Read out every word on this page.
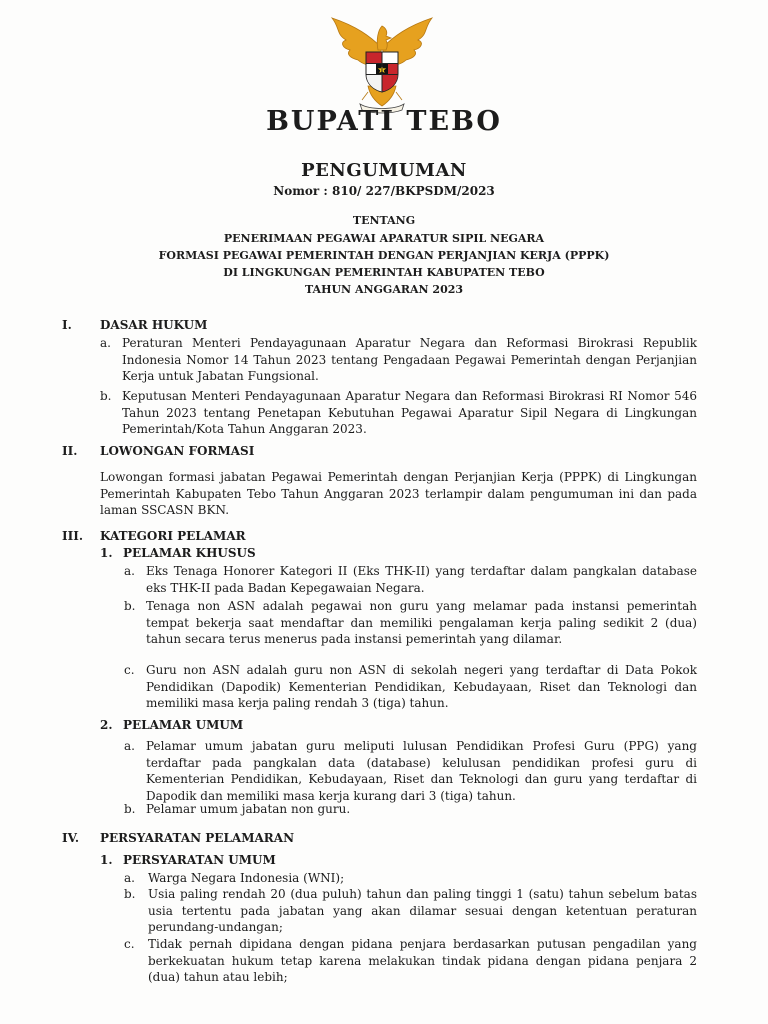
BUPATI TEBO
PENGUMUMAN
Nomor : 810/ 227/BKPSDM/2023
TENTANG
PENERIMAAN PEGAWAI APARATUR SIPIL NEGARA
FORMASI PEGAWAI PEMERINTAH DENGAN PERJANJIAN KERJA (PPPK)
DI LINGKUNGAN PEMERINTAH KABUPATEN TEBO
TAHUN ANGGARAN 2023
I. DASAR HUKUM
a. Peraturan Menteri Pendayagunaan Aparatur Negara dan Reformasi Birokrasi Republik Indonesia Nomor 14 Tahun 2023 tentang Pengadaan Pegawai Pemerintah dengan Perjanjian Kerja untuk Jabatan Fungsional.
b. Keputusan Menteri Pendayagunaan Aparatur Negara dan Reformasi Birokrasi RI Nomor 546 Tahun 2023 tentang Penetapan Kebutuhan Pegawai Aparatur Sipil Negara di Lingkungan Pemerintah/Kota Tahun Anggaran 2023.
II. LOWONGAN FORMASI
Lowongan formasi jabatan Pegawai Pemerintah dengan Perjanjian Kerja (PPPK) di Lingkungan Pemerintah Kabupaten Tebo Tahun Anggaran 2023 terlampir dalam pengumuman ini dan pada laman SSCASN BKN.
III. KATEGORI PELAMAR
1. PELAMAR KHUSUS
a. Eks Tenaga Honorer Kategori II (Eks THK-II) yang terdaftar dalam pangkalan database eks THK-II pada Badan Kepegawaian Negara.
b. Tenaga non ASN adalah pegawai non guru yang melamar pada instansi pemerintah tempat bekerja saat mendaftar dan memiliki pengalaman kerja paling sedikit 2 (dua) tahun secara terus menerus pada instansi pemerintah yang dilamar.
c. Guru non ASN adalah guru non ASN di sekolah negeri yang terdaftar di Data Pokok Pendidikan (Dapodik) Kementerian Pendidikan, Kebudayaan, Riset dan Teknologi dan memiliki masa kerja paling rendah 3 (tiga) tahun.
2. PELAMAR UMUM
a. Pelamar umum jabatan guru meliputi lulusan Pendidikan Profesi Guru (PPG) yang terdaftar pada pangkalan data (database) kelulusan pendidikan profesi guru di Kementerian Pendidikan, Kebudayaan, Riset dan Teknologi dan guru yang terdaftar di Dapodik dan memiliki masa kerja kurang dari 3 (tiga) tahun.
b. Pelamar umum jabatan non guru.
IV. PERSYARATAN PELAMARAN
1. PERSYARATAN UMUM
a. Warga Negara Indonesia (WNI);
b. Usia paling rendah 20 (dua puluh) tahun dan paling tinggi 1 (satu) tahun sebelum batas usia tertentu pada jabatan yang akan dilamar sesuai dengan ketentuan peraturan perundang-undangan;
c. Tidak pernah dipidana dengan pidana penjara berdasarkan putusan pengadilan yang berkekuatan hukum tetap karena melakukan tindak pidana dengan pidana penjara 2 (dua) tahun atau lebih;
